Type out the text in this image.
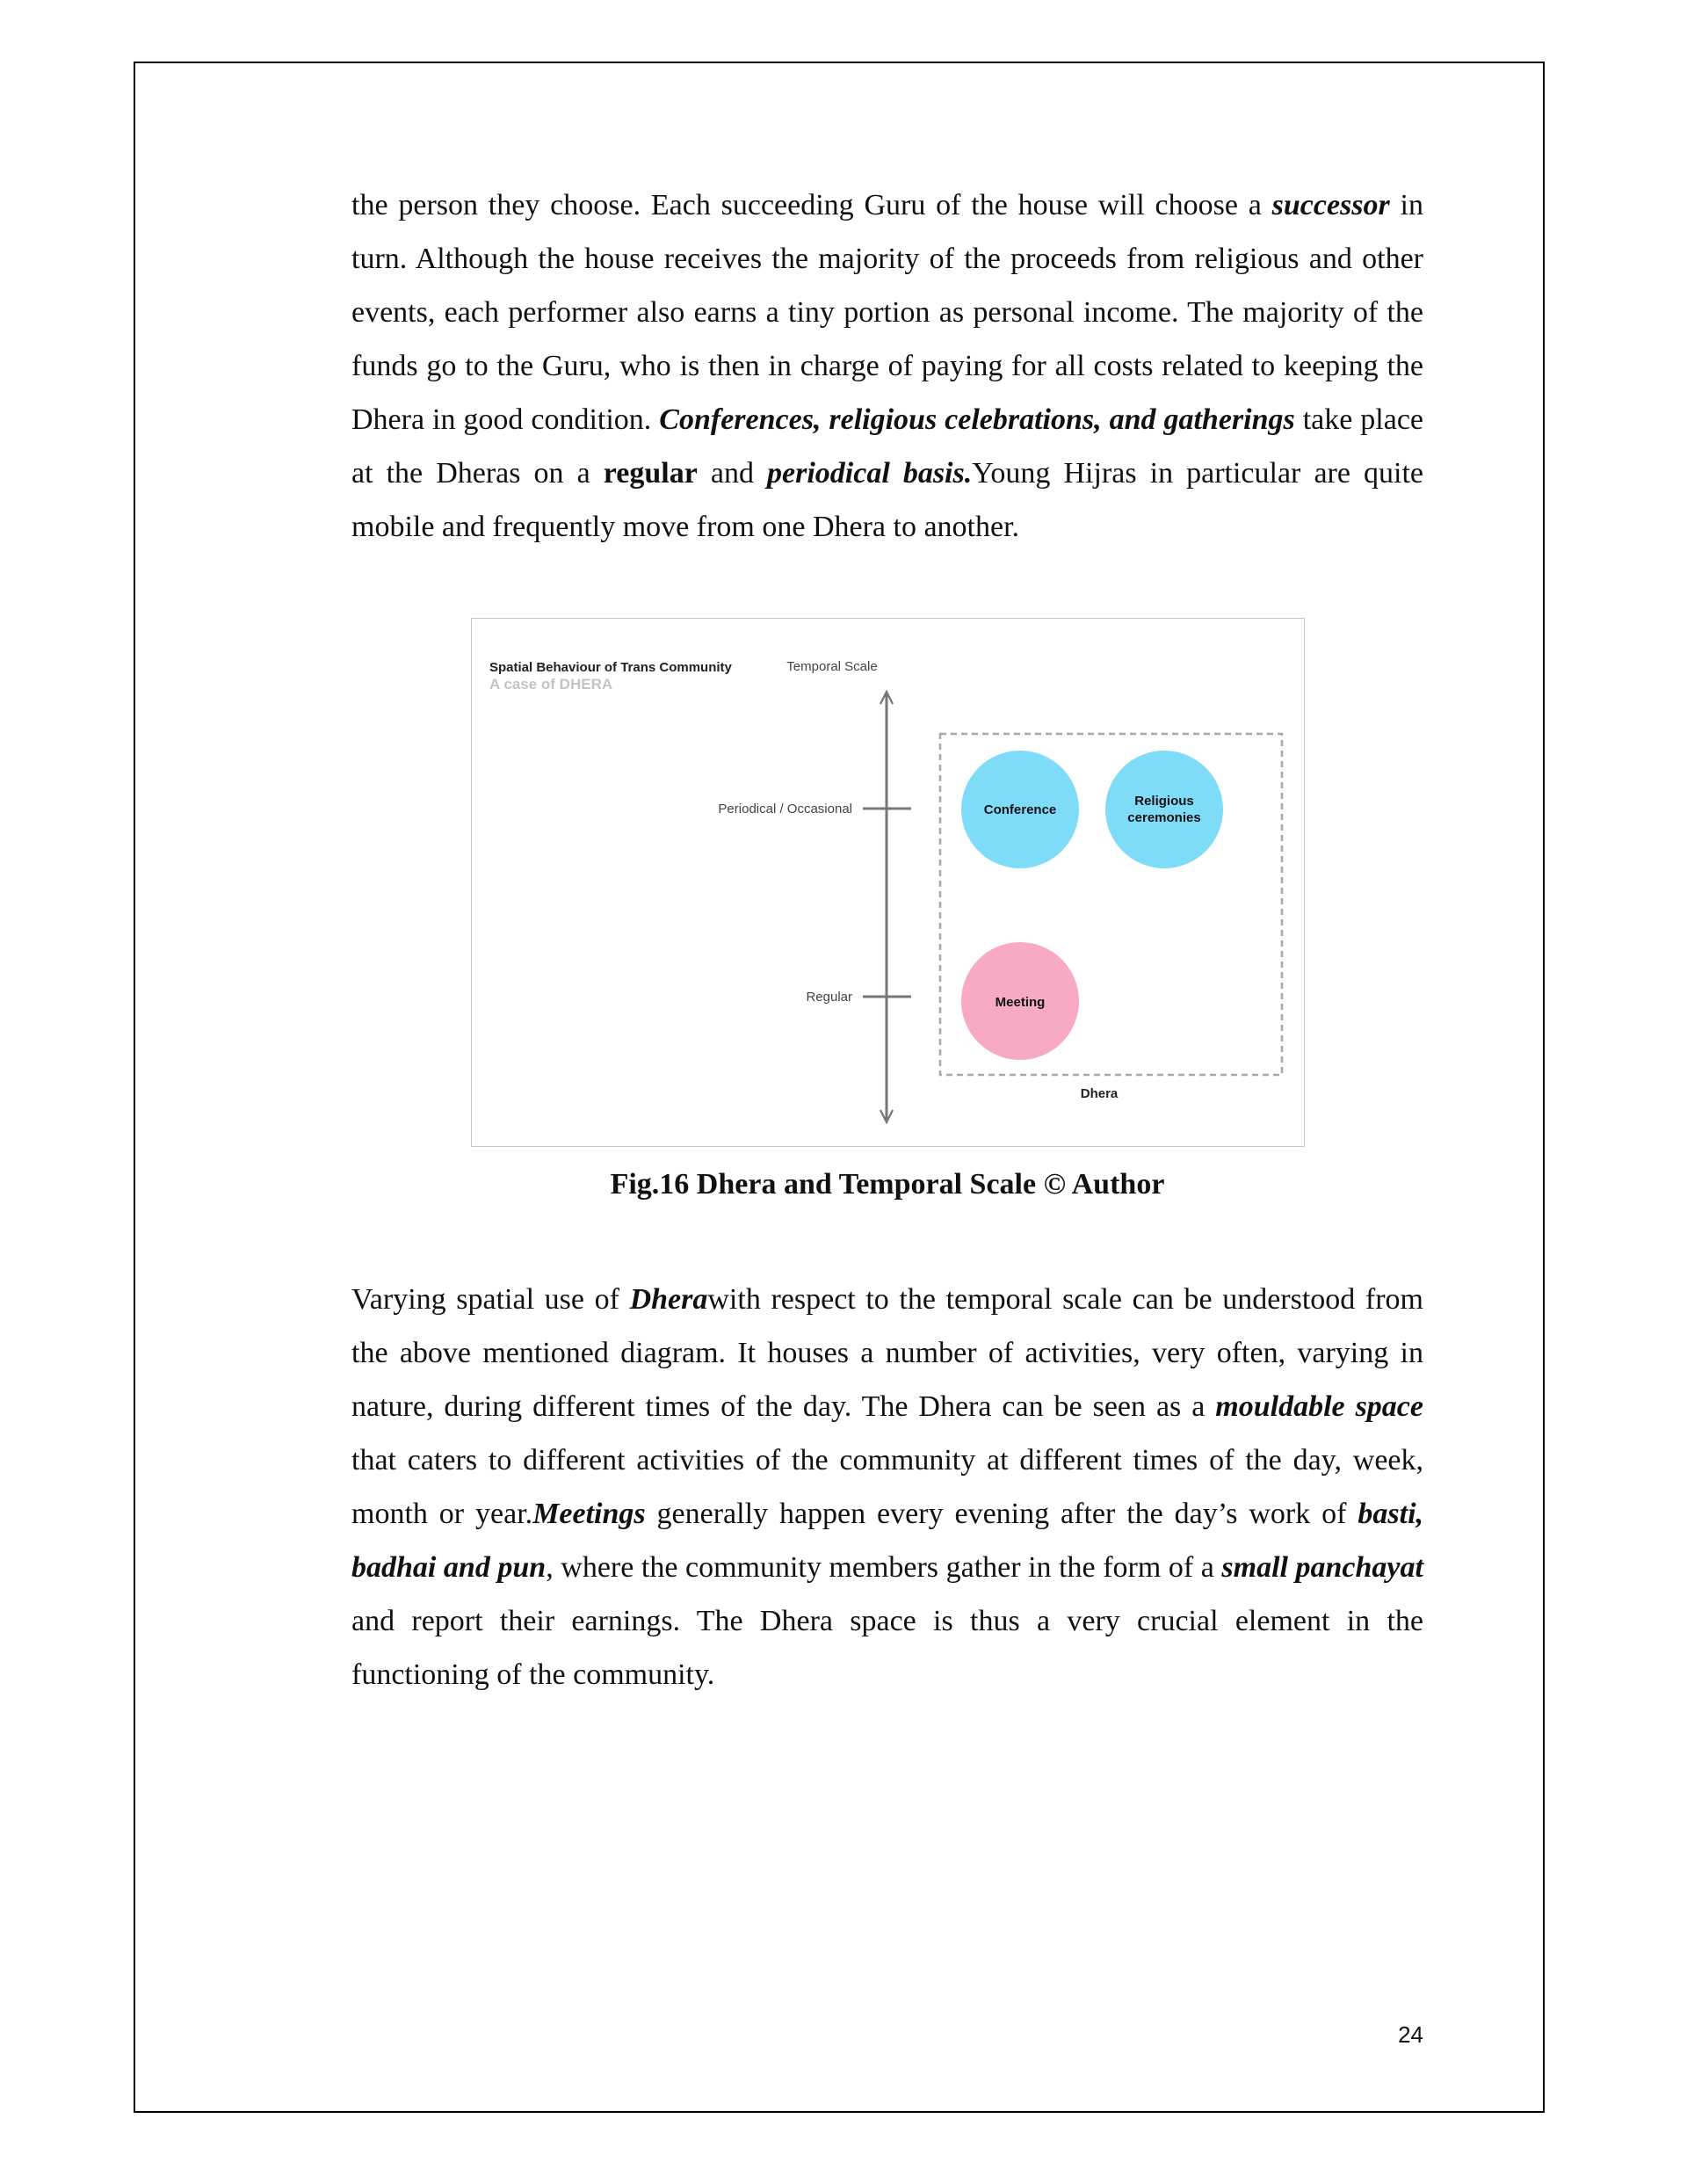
the person they choose. Each succeeding Guru of the house will choose a successor in turn. Although the house receives the majority of the proceeds from religious and other events, each performer also earns a tiny portion as personal income. The majority of the funds go to the Guru, who is then in charge of paying for all costs related to keeping the Dhera in good condition. Conferences, religious celebrations, and gatherings take place at the Dheras on a regular and periodical basis.Young Hijras in particular are quite mobile and frequently move from one Dhera to another.

Spatial Behaviour of Trans Community
A case of DHERA
Temporal Scale
Periodical / Occasional
Regular
Dhera
Conference
Religious
ceremonies
Meeting

Fig.16 Dhera and Temporal Scale © Author

Varying spatial use of Dherawith respect to the temporal scale can be understood from the above mentioned diagram. It houses a number of activities, very often, varying in nature, during different times of the day. The Dhera can be seen as a mouldable space that caters to different activities of the community at different times of the day, week, month or year.Meetings generally happen every evening after the day’s work of basti, badhai and pun, where the community members gather in the form of a small panchayat and report their earnings. The Dhera space is thus a very crucial element in the functioning of the community.

24
